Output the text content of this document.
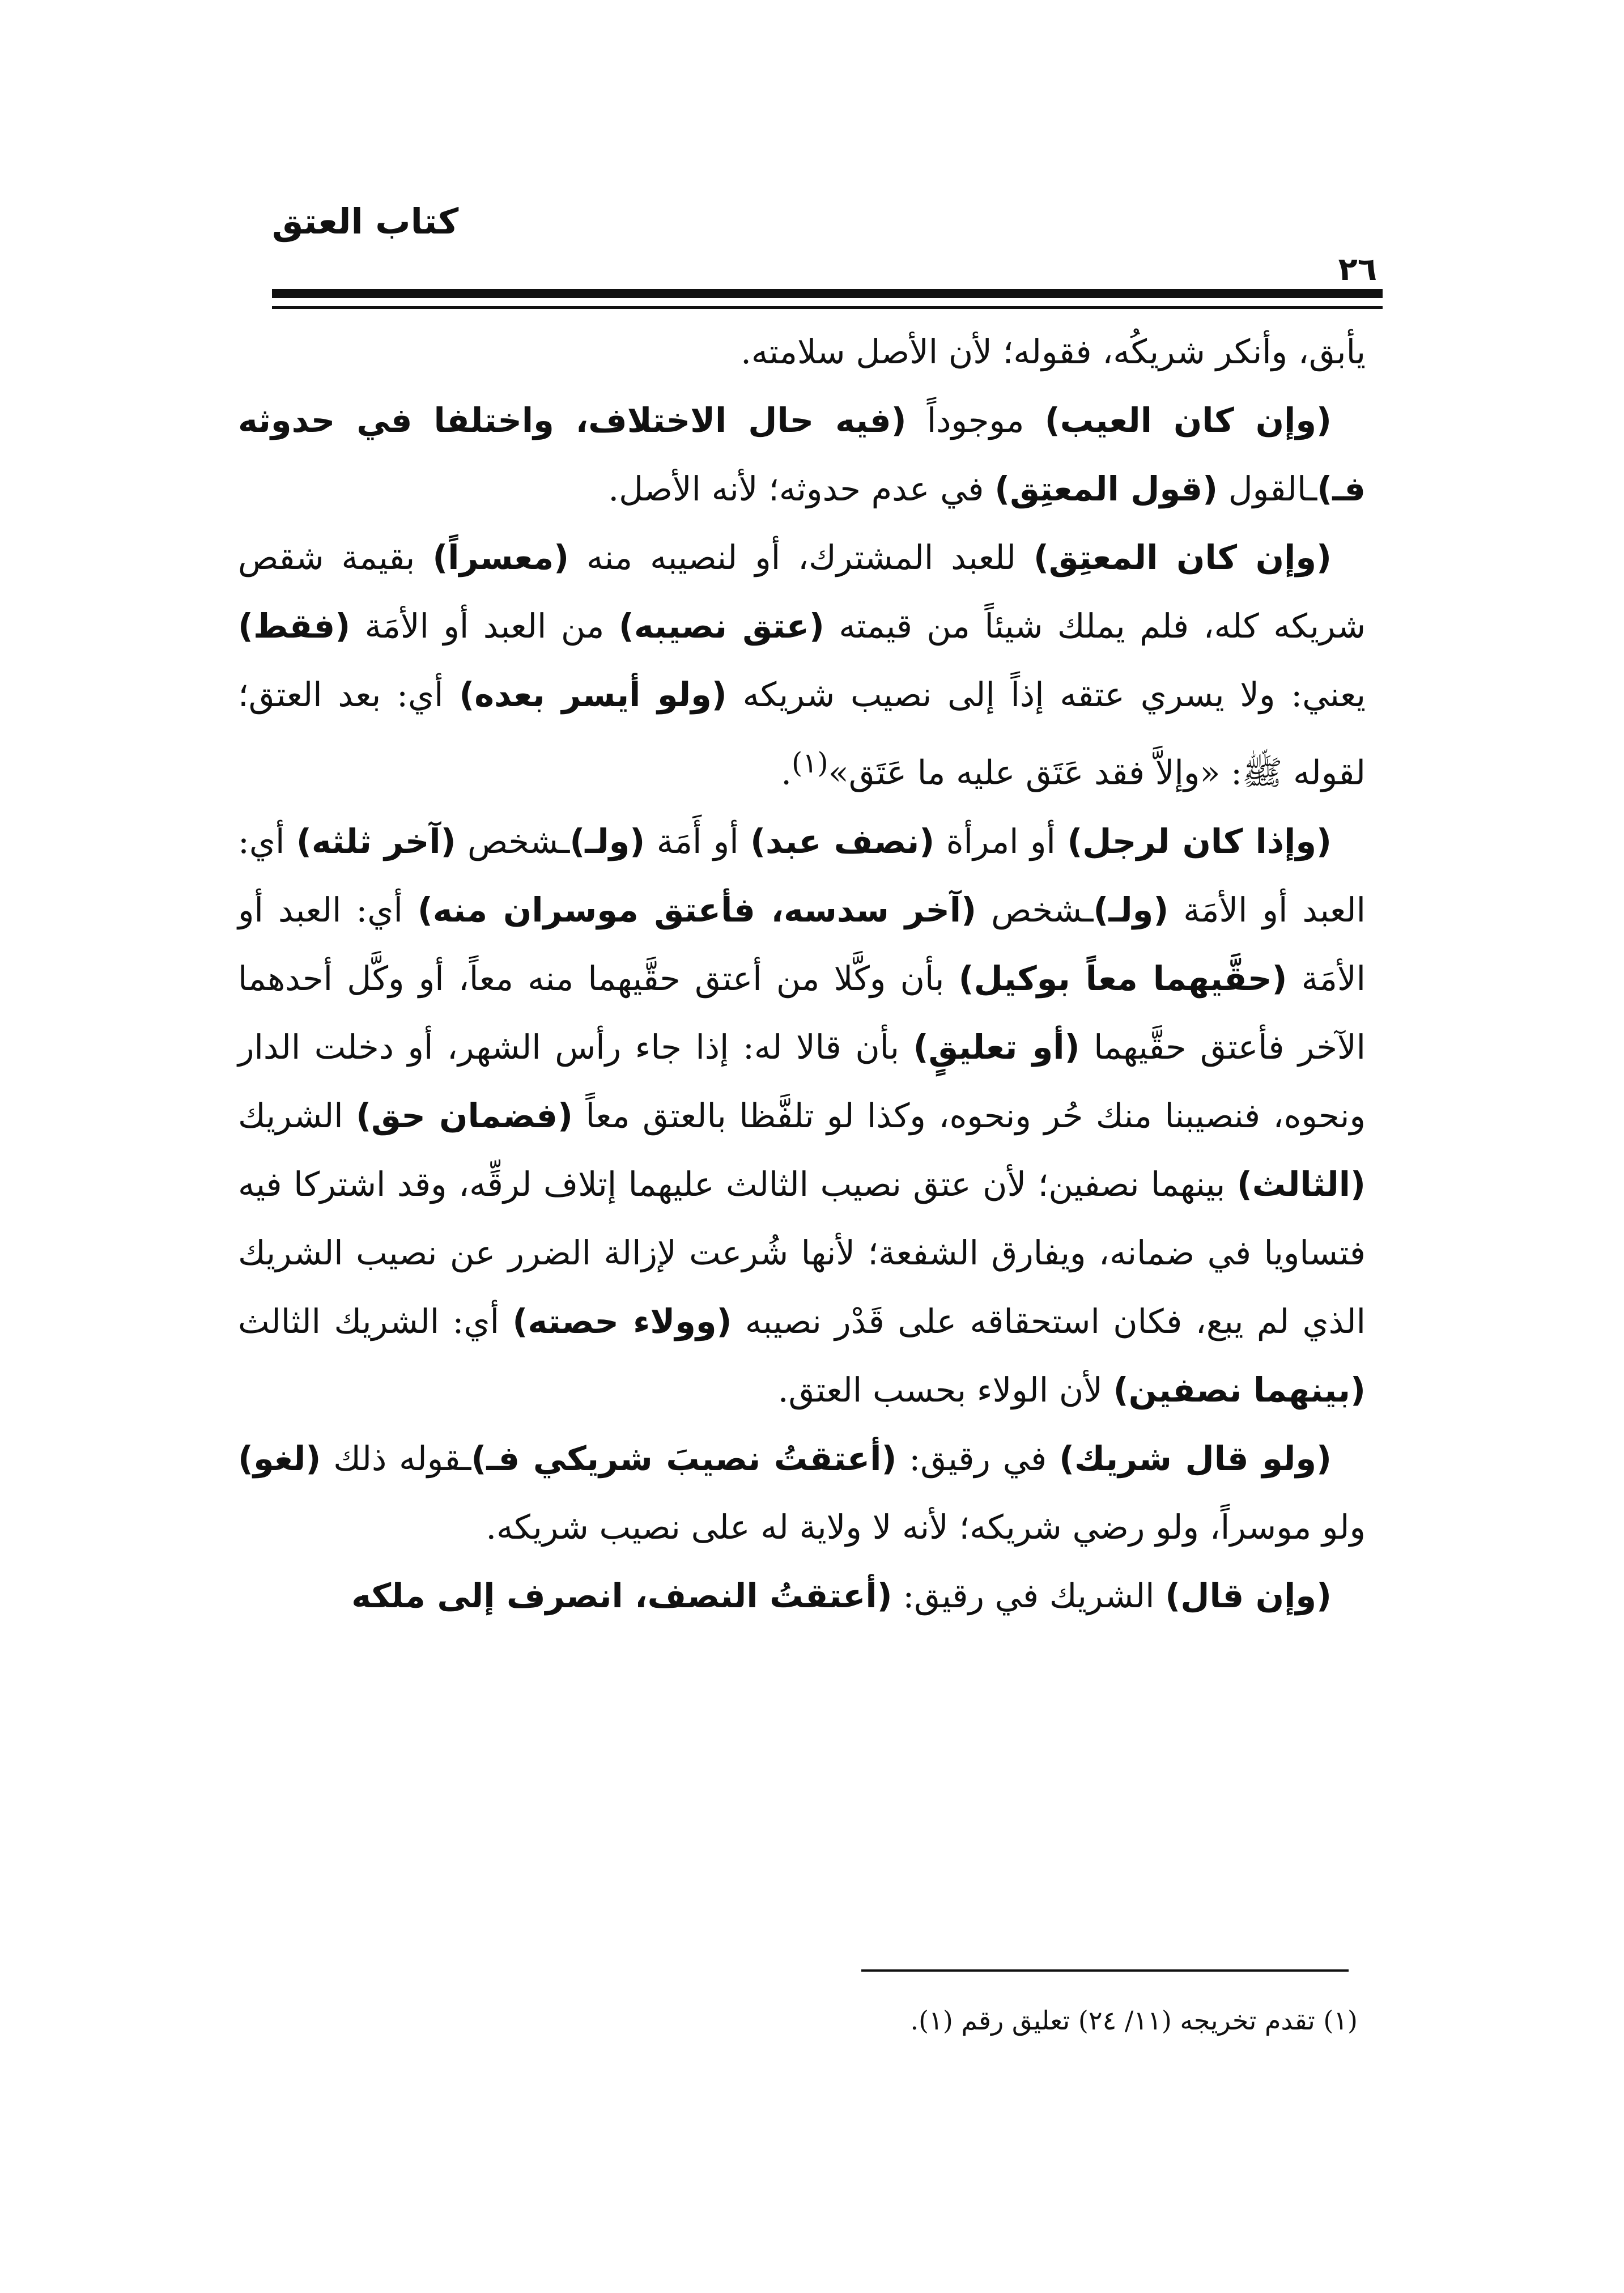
كتاب العتق
٢٦

يأبق، وأنكر شريكُه، فقوله؛ لأن الأصل سلامته.

(وإن كان العيب) موجوداً (فيه حال الاختلاف، واختلفا في حدوثه فـ)ـالقول (قول المعتِق) في عدم حدوثه؛ لأنه الأصل.

(وإن كان المعتِق) للعبد المشترك، أو لنصيبه منه (معسراً) بقيمة شقص شريكه كله، فلم يملك شيئاً من قيمته (عتق نصيبه) من العبد أو الأمَة (فقط) يعني: ولا يسري عتقه إذاً إلى نصيب شريكه (ولو أيسر بعده) أي: بعد العتق؛ لقوله ﷺ: «وإلاَّ فقد عَتَق عليه ما عَتَق»$^{(١)}$.

(وإذا كان لرجل) أو امرأة (نصف عبد) أو أَمَة (ولـ)ـشخص (آخر ثلثه) أي: العبد أو الأمَة (ولـ)ـشخص (آخر سدسه، فأعتق موسران منه) أي: العبد أو الأمَة (حقَّيهما معاً بوكيل) بأن وكَّلا من أعتق حقَّيهما منه معاً، أو وكَّل أحدهما الآخر فأعتق حقَّيهما (أو تعليقٍ) بأن قالا له: إذا جاء رأس الشهر، أو دخلت الدار ونحوه، فنصيبنا منك حُر ونحوه، وكذا لو تلفَّظا بالعتق معاً (فضمان حق) الشريك (الثالث) بينهما نصفين؛ لأن عتق نصيب الثالث عليهما إتلاف لرقِّه، وقد اشتركا فيه فتساويا في ضمانه، ويفارق الشفعة؛ لأنها شُرعت لإزالة الضرر عن نصيب الشريك الذي لم يبع، فكان استحقاقه على قَدْر نصيبه (وولاء حصته) أي: الشريك الثالث (بينهما نصفين) لأن الولاء بحسب العتق.

(ولو قال شريك) في رقيق: (أعتقتُ نصيبَ شريكي فـ)ـقوله ذلك (لغو) ولو موسراً، ولو رضي شريكه؛ لأنه لا ولاية له على نصيب شريكه.

(وإن قال) الشريك في رقيق: (أعتقتُ النصف، انصرف إلى ملكه

(١) تقدم تخريجه (١١/ ٢٤) تعليق رقم (١).
